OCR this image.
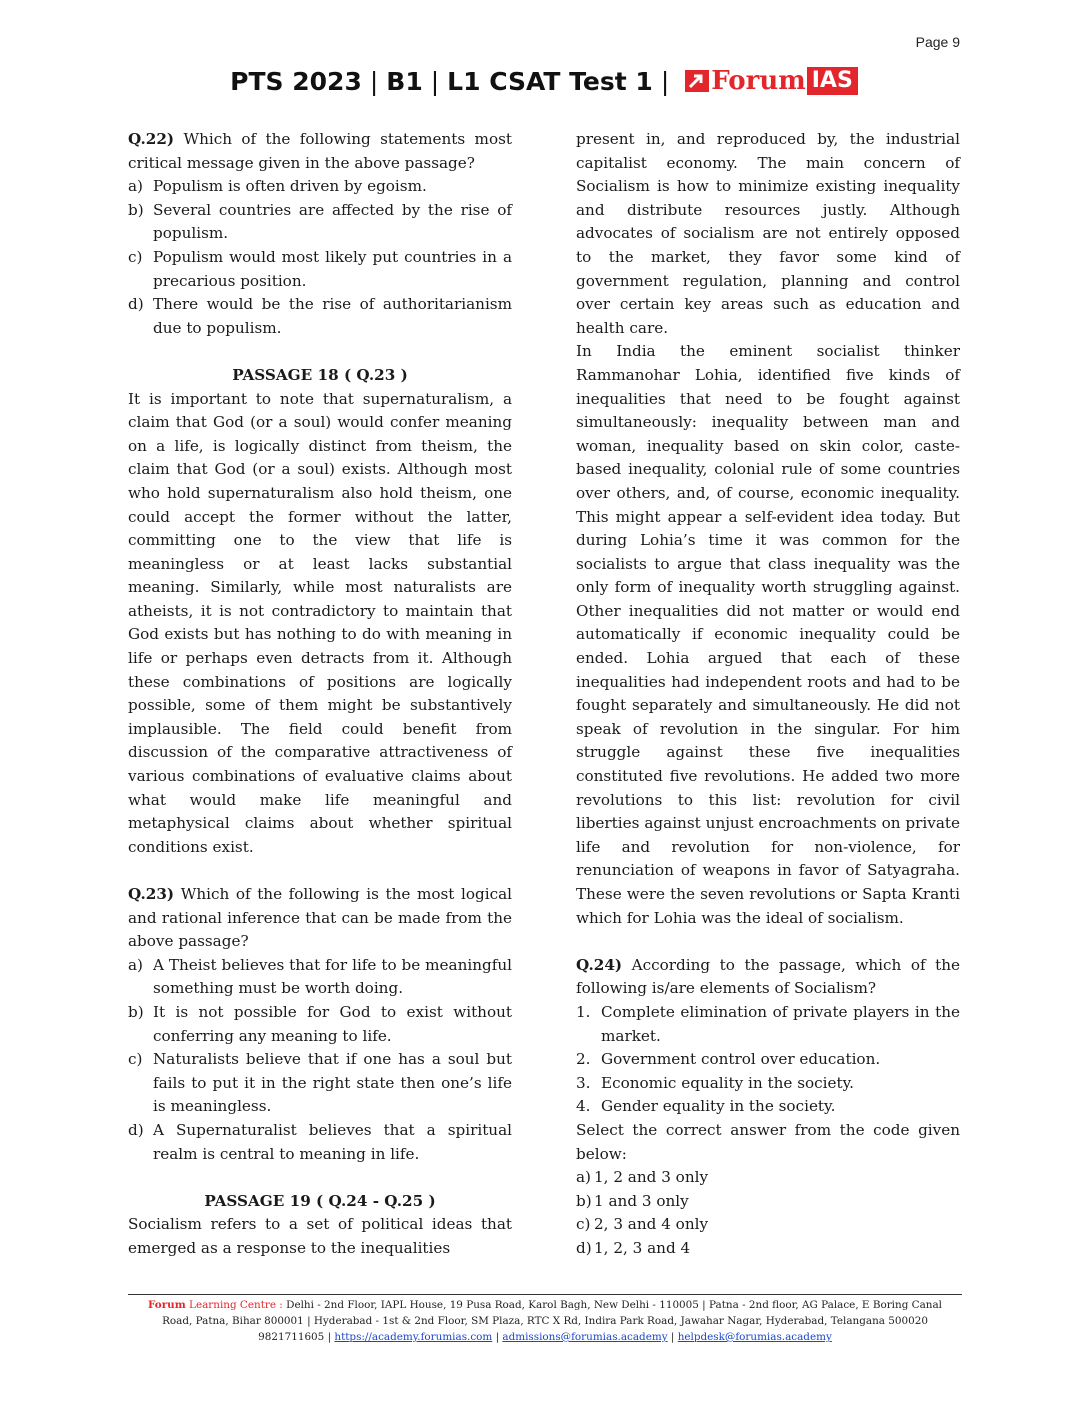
Page 9
PTS 2023 | B1 | L1 CSAT Test 1 | Forum IAS

Q.22) Which of the following statements most critical message given in the above passage?

a) Populism is often driven by egoism.
b) Several countries are affected by the rise of populism.
c) Populism would most likely put countries in a precarious position.
d) There would be the rise of authoritarianism due to populism.

PASSAGE 18 ( Q.23 )

It is important to note that supernaturalism, a claim that God (or a soul) would confer meaning on a life, is logically distinct from theism, the claim that God (or a soul) exists. Although most who hold supernaturalism also hold theism, one could accept the former without the latter, committing one to the view that life is meaningless or at least lacks substantial meaning. Similarly, while most naturalists are atheists, it is not contradictory to maintain that God exists but has nothing to do with meaning in life or perhaps even detracts from it. Although these combinations of positions are logically possible, some of them might be substantively implausible. The field could benefit from discussion of the comparative attractiveness of various combinations of evaluative claims about what would make life meaningful and metaphysical claims about whether spiritual conditions exist.

Q.23) Which of the following is the most logical and rational inference that can be made from the above passage?

a) A Theist believes that for life to be meaningful something must be worth doing.
b) It is not possible for God to exist without conferring any meaning to life.
c) Naturalists believe that if one has a soul but fails to put it in the right state then one’s life is meaningless.
d) A Supernaturalist believes that a spiritual realm is central to meaning in life.

PASSAGE 19 ( Q.24 - Q.25 )

Socialism refers to a set of political ideas that emerged as a response to the inequalities

present in, and reproduced by, the industrial capitalist economy. The main concern of Socialism is how to minimize existing inequality and distribute resources justly. Although advocates of socialism are not entirely opposed to the market, they favor some kind of government regulation, planning and control over certain key areas such as education and health care.

In India the eminent socialist thinker Rammanohar Lohia, identified five kinds of inequalities that need to be fought against simultaneously: inequality between man and woman, inequality based on skin color, caste-based inequality, colonial rule of some countries over others, and, of course, economic inequality. This might appear a self-evident idea today. But during Lohia’s time it was common for the socialists to argue that class inequality was the only form of inequality worth struggling against. Other inequalities did not matter or would end automatically if economic inequality could be ended. Lohia argued that each of these inequalities had independent roots and had to be fought separately and simultaneously. He did not speak of revolution in the singular. For him struggle against these five inequalities constituted five revolutions. He added two more revolutions to this list: revolution for civil liberties against unjust encroachments on private life and revolution for non-violence, for renunciation of weapons in favor of Satyagraha. These were the seven revolutions or Sapta Kranti which for Lohia was the ideal of socialism.

Q.24) According to the passage, which of the following is/are elements of Socialism?

1. Complete elimination of private players in the market.
2. Government control over education.
3. Economic equality in the society.
4. Gender equality in the society.

Select the correct answer from the code given below:

a) 1, 2 and 3 only
b) 1 and 3 only
c) 2, 3 and 4 only
d) 1, 2, 3 and 4
Forum Learning Centre : Delhi - 2nd Floor, IAPL House, 19 Pusa Road, Karol Bagh, New Delhi - 110005 | Patna - 2nd floor, AG Palace, E Boring Canal
Road, Patna, Bihar 800001 | Hyderabad - 1st & 2nd Floor, SM Plaza, RTC X Rd, Indira Park Road, Jawahar Nagar, Hyderabad, Telangana 500020
9821711605 | https://academy.forumias.com | admissions@forumias.academy | helpdesk@forumias.academy
